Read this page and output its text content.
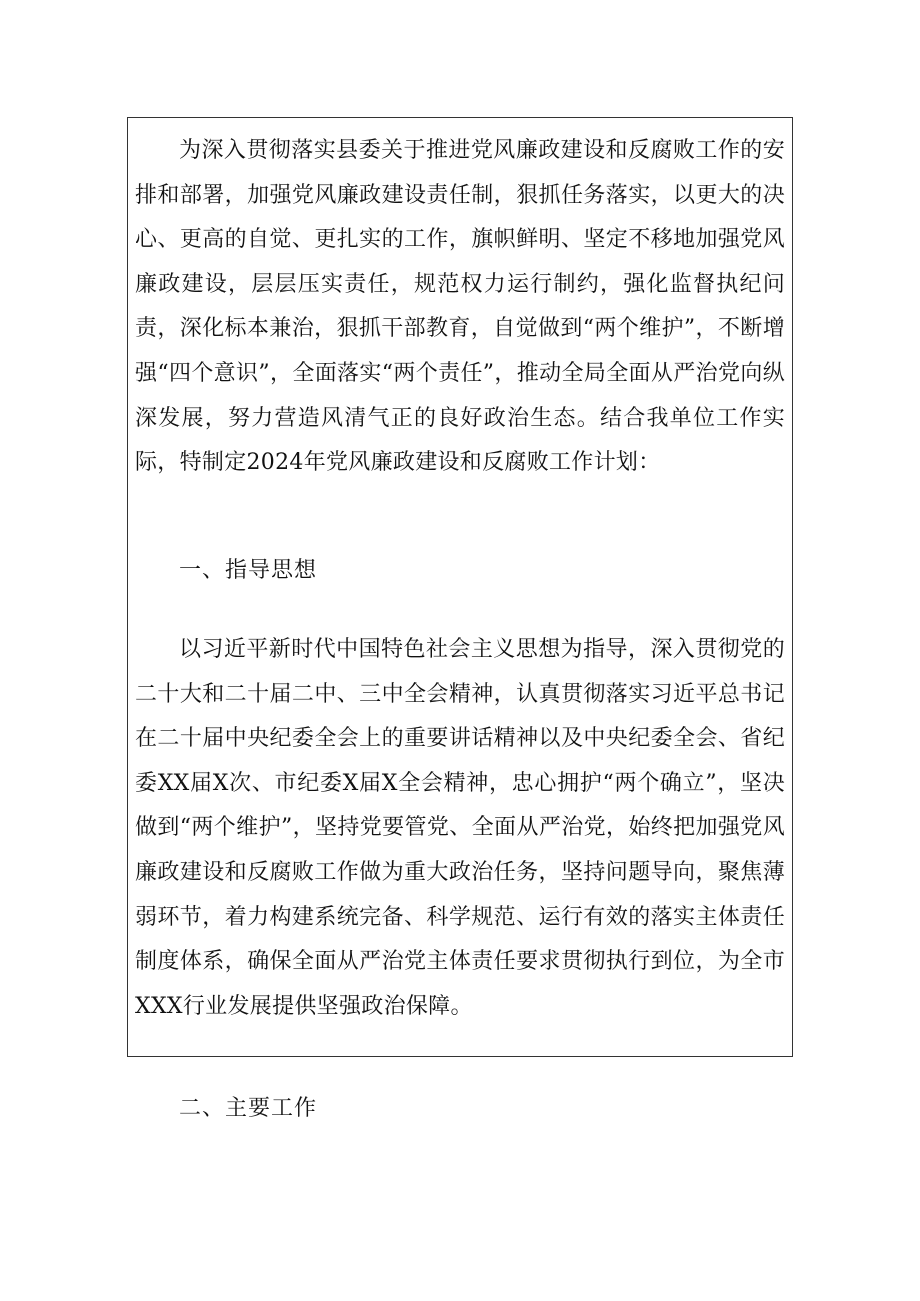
为深入贯彻落实县委关于推进党风廉政建设和反腐败工作的安排和部署，加强党风廉政建设责任制，狠抓任务落实，以更大的决心、更高的自觉、更扎实的工作，旗帜鲜明、坚定不移地加强党风廉政建设，层层压实责任，规范权力运行制约，强化监督执纪问责，深化标本兼治，狠抓干部教育，自觉做到“两个维护”，不断增强“四个意识”，全面落实“两个责任”，推动全局全面从严治党向纵深发展，努力营造风清气正的良好政治生态。结合我单位工作实际，特制定2024年党风廉政建设和反腐败工作计划：

一、指导思想

以习近平新时代中国特色社会主义思想为指导，深入贯彻党的二十大和二十届二中、三中全会精神，认真贯彻落实习近平总书记在二十届中央纪委全会上的重要讲话精神以及中央纪委全会、省纪委XX届X次、市纪委X届X全会精神，忠心拥护“两个确立”，坚决做到“两个维护”，坚持党要管党、全面从严治党，始终把加强党风廉政建设和反腐败工作做为重大政治任务，坚持问题导向，聚焦薄弱环节，着力构建系统完备、科学规范、运行有效的落实主体责任制度体系，确保全面从严治党主体责任要求贯彻执行到位，为全市XXX行业发展提供坚强政治保障。

二、主要工作
